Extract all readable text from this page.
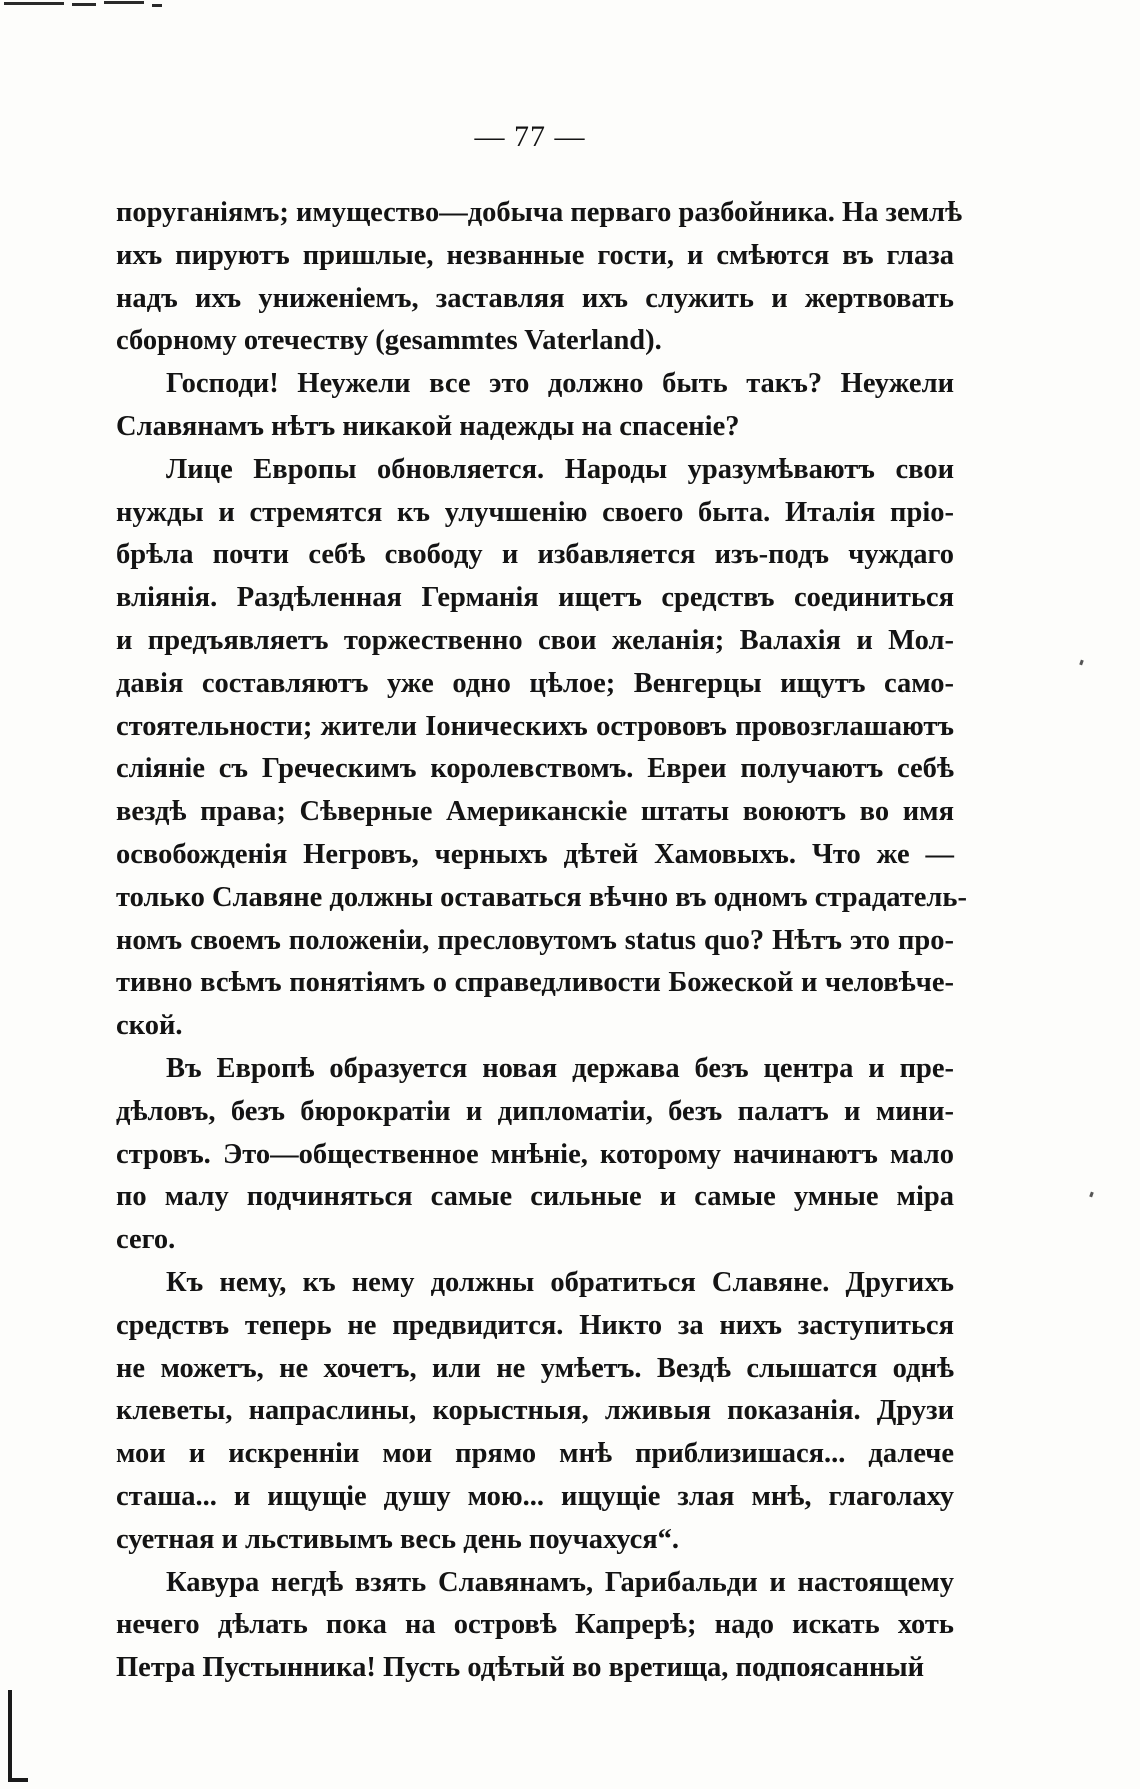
— 77 —

поруганіямъ; имущество—добыча перваго разбойника. На землѣ
ихъ пируютъ пришлые, незванные гости, и смѣются въ глаза
надъ ихъ униженіемъ, заставляя ихъ служить и жертвовать
сборному отечеству (gesammtes Vaterland).

Господи! Неужели все это должно быть такъ? Неужели
Славянамъ нѣтъ никакой надежды на спасеніе?

Лице Европы обновляется. Народы уразумѣваютъ свои
нужды и стремятся къ улучшенію своего быта. Италія пріо-
брѣла почти себѣ свободу и избавляется изъ-подъ чуждаго
вліянія. Раздѣленная Германія ищетъ средствъ соединиться
и предъявляетъ торжественно свои желанія; Валахія и Мол-
давія составляютъ уже одно цѣлое; Венгерцы ищутъ само-
стоятельности; жители Іоническихъ острововъ провозглашаютъ
сліяніе съ Греческимъ королевствомъ. Евреи получаютъ себѣ
вездѣ права; Сѣверные Американскіе штаты воюютъ во имя
освобожденія Негровъ, черныхъ дѣтей Хамовыхъ. Что же —
только Славяне должны оставаться вѣчно въ одномъ страдатель-
номъ своемъ положеніи, пресловутомъ status quo? Нѣтъ это про-
тивно всѣмъ понятіямъ о справедливости Божеской и человѣче-
ской.

Въ Европѣ образуется новая держава безъ центра и пре-
дѣловъ, безъ бюрократіи и дипломатіи, безъ палатъ и мини-
стровъ. Это—общественное мнѣніе, которому начинаютъ мало
по малу подчиняться самые сильные и самые умные міра
сего.

Къ нему, къ нему должны обратиться Славяне. Другихъ
средствъ теперь не предвидится. Никто за нихъ заступиться
не можетъ, не хочетъ, или не умѣетъ. Вездѣ слышатся однѣ
клеветы, напраслины, корыстныя, лживыя показанія. Друзи
мои и искренніи мои прямо мнѣ приблизишася... далече
сташа... и ищущіе душу мою... ищущіе злая мнѣ, глаголаху
суетная и льстивымъ весь день поучахуся“.

Кавура негдѣ взять Славянамъ, Гарибальди и настоящему
нечего дѣлать пока на островѣ Капрерѣ; надо искать хоть
Петра Пустынника! Пусть одѣтый во вретища, подпоясанный
